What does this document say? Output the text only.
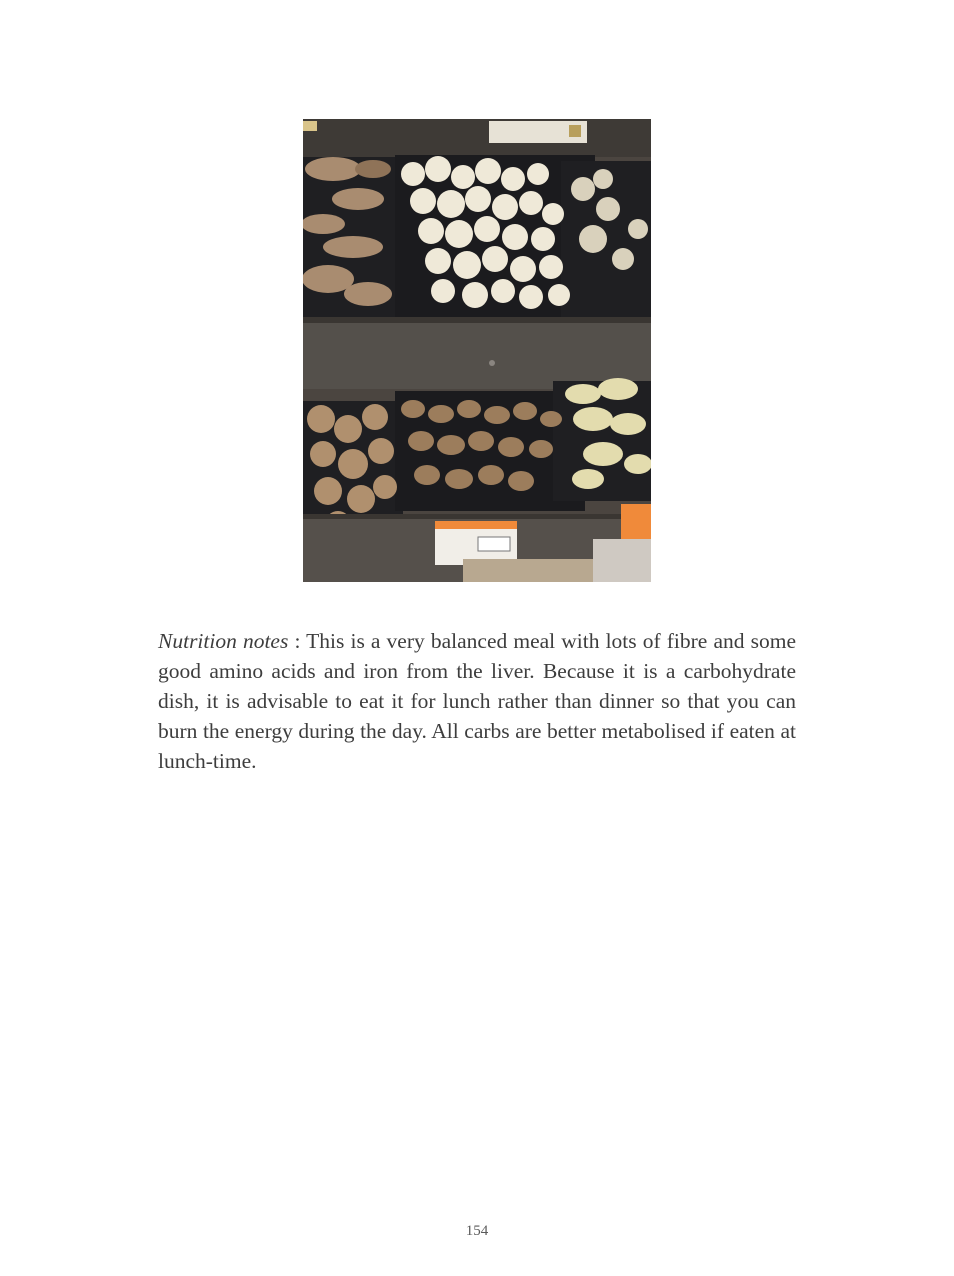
Nutrition notes : This is a very balanced meal with lots of fibre and some good amino acids and iron from the liver. Because it is a carbohydrate dish, it is advisable to eat it for lunch rather than dinner so that you can burn the energy during the day. All carbs are better metabolised if eaten at lunch-time.
154
